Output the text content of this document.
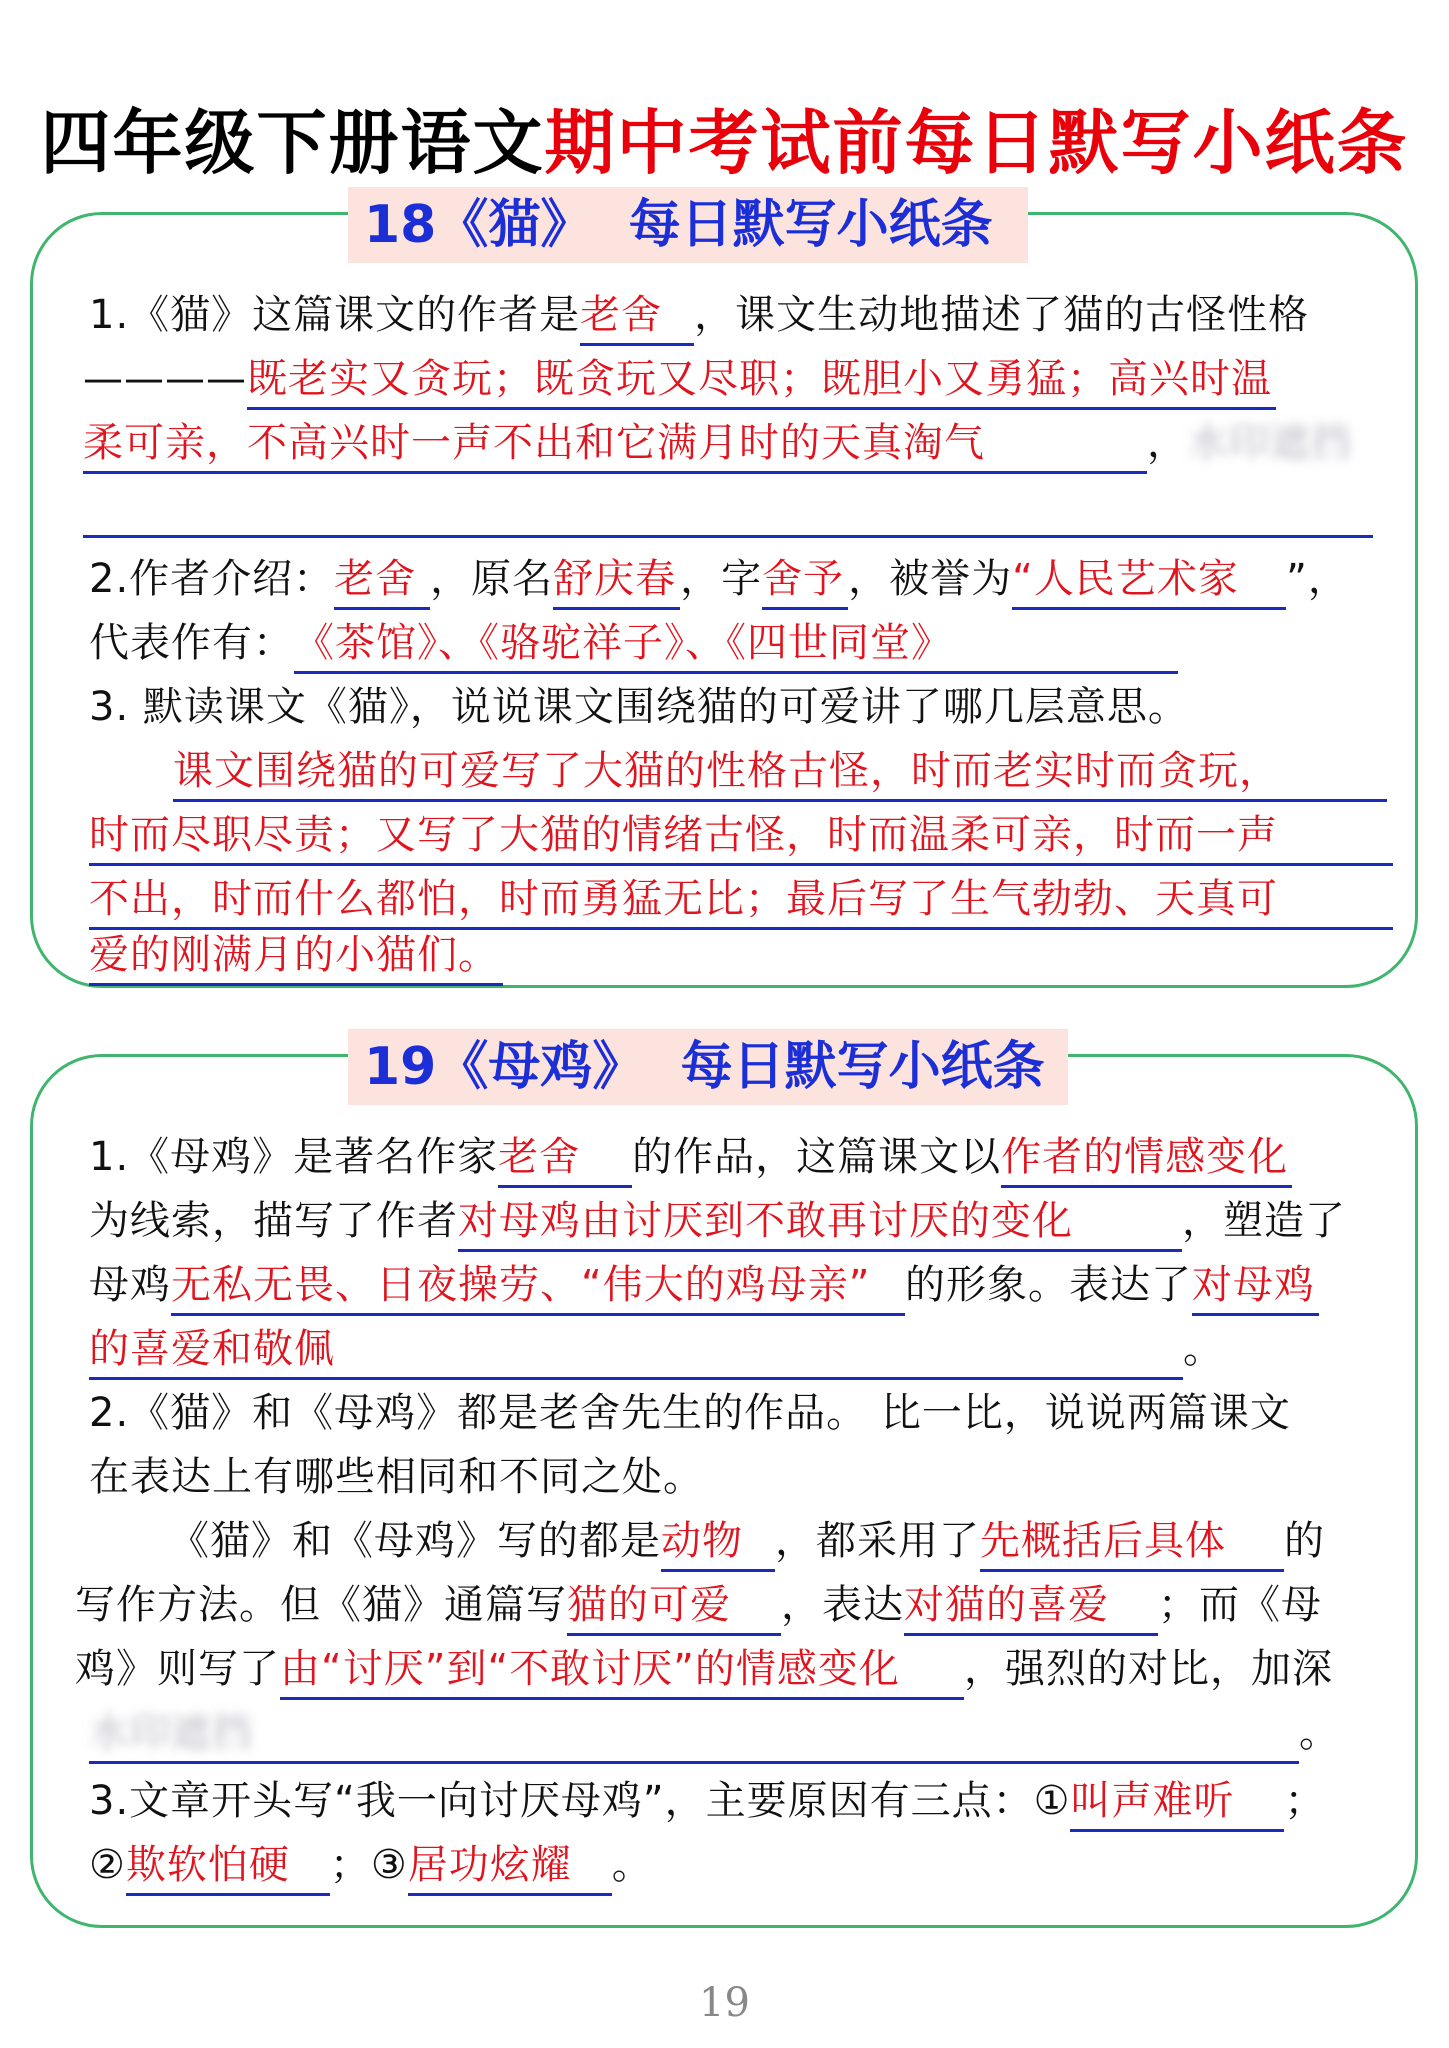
四年级下册语文期中考试前每日默写小纸条
18《猫》  每日默写小纸条
1.《猫》这篇课文的作者是老舍 ，课文生动地描述了猫的古怪性格
————既老实又贪玩；既贪玩又尽职；既胆小又勇猛；高兴时温
柔可亲，不高兴时一声不出和它满月时的天真淘气	，水印遮挡

2.作者介绍：老舍 ，原名舒庆春 ，字舍予 ，被誉为“人民艺术家 ”，
代表作有：《茶馆》、《骆驼祥子》、《四世同堂》
3. 默读课文《猫》，说说课文围绕猫的可爱讲了哪几层意思。
课文围绕猫的可爱写了大猫的性格古怪，时而老实时而贪玩，
时而尽职尽责；又写了大猫的情绪古怪，时而温柔可亲，时而一声
不出，时而什么都怕，时而勇猛无比；最后写了生气勃勃、天真可
爱的刚满月的小猫们。
19《母鸡》  每日默写小纸条
1.《母鸡》是著名作家老舍 的作品，这篇课文以作者的情感变化
为线索，描写了作者对母鸡由讨厌到不敢再讨厌的变化	，塑造了
母鸡无私无畏、日夜操劳、“伟大的鸡母亲” 的形象。表达了对母鸡
的喜爱和敬佩	。
2.《猫》和《母鸡》都是老舍先生的作品。 比一比，说说两篇课文
在表达上有哪些相同和不同之处。
《猫》和《母鸡》写的都是动物 ，都采用了先概括后具体 的
写作方法。但《猫》通篇写猫的可爱 ，表达对猫的喜爱 ；而《母
鸡》则写了由“讨厌”到“不敢讨厌”的情感变化 ，强烈的对比，加深
水印遮挡	。
3.文章开头写“我一向讨厌母鸡”，主要原因有三点：①叫声难听 ；
②欺软怕硬 ；③居功炫耀 。
19
